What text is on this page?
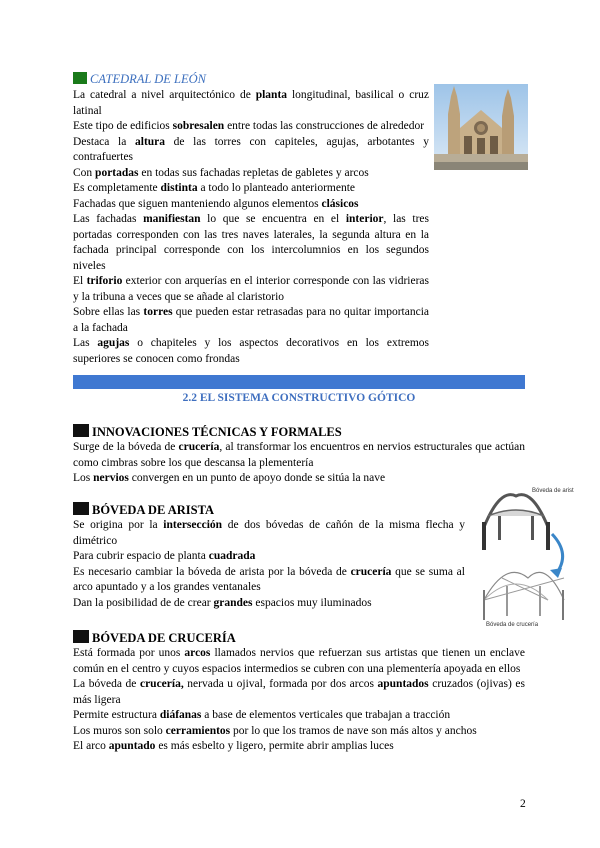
CATEDRAL DE LEÓN

La catedral a nivel arquitectónico de planta longitudinal, basilical o cruz latinal

Este tipo de edificios sobresalen entre todas las construcciones de alrededor

Destaca la altura de las torres con capiteles, agujas, arbotantes y contrafuertes

Con portadas en todas sus fachadas repletas de gabletes y arcos

Es completamente distinta a todo lo planteado anteriormente

Fachadas que siguen manteniendo algunos elementos clásicos

Las fachadas manifiestan lo que se encuentra en el interior, las tres portadas corresponden con las tres naves laterales, la segunda altura en la fachada principal corresponde con los intercolumnios en los segundos niveles

El triforio exterior con arquerías en el interior corresponde con las vidrieras y la tribuna a veces que se añade al claristorio

Sobre ellas las torres que pueden estar retrasadas para no quitar importancia a la fachada

Las agujas o chapiteles y los aspectos decorativos en los extremos superiores se conocen como frondas

2.2 EL SISTEMA CONSTRUCTIVO GÓTICO
INNOVACIONES TÉCNICAS Y FORMALES

Surge de la bóveda de crucería, al transformar los encuentros en nervios estructurales que actúan como cimbras sobre los que descansa la plementería

Los nervios convergen en un punto de apoyo donde se sitúa la nave

BÓVEDA DE ARISTA

Se origina por la intersección de dos bóvedas de cañón de la misma flecha y dimétrico

Para cubrir espacio de planta cuadrada

Es necesario cambiar la bóveda de arista por la bóveda de crucería que se suma al arco apuntado y a los grandes ventanales

Dan la posibilidad de de crear grandes espacios muy iluminados

Bóveda de arist
Bóveda de crucería
BÓVEDA DE CRUCERÍA

Está formada por unos arcos llamados nervios que refuerzan sus artistas que tienen un enclave común en el centro y cuyos espacios intermedios se cubren con una plementería apoyada en ellos

La bóveda de crucería, nervada u ojival, formada por dos arcos apuntados cruzados (ojivas) es más ligera

Permite estructura diáfanas a base de elementos verticales que trabajan a tracción

Los muros son solo cerramientos por lo que los tramos de nave son más altos y anchos

El arco apuntado es más esbelto y ligero, permite abrir amplias luces

2
